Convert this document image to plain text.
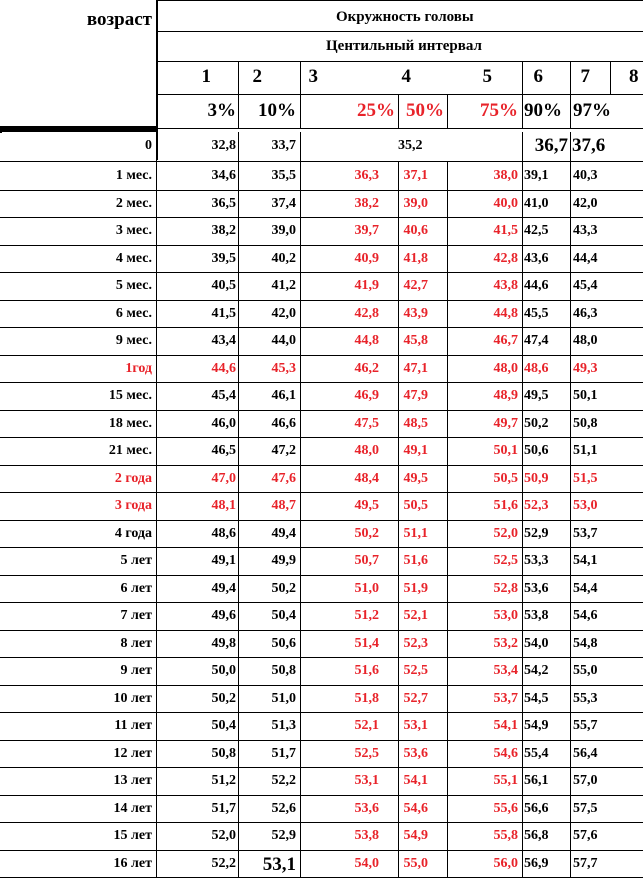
возраст	Окружность головы
Центильный интервал
1 2 3	4	5 6 7 8
3% 10%	25% 50% 75% 90% 97%
0	32,8	33,7	35,2	36,7 37,6
1 мес.	34,6	35,5	36,3 37,1	38,0 39,1 40,3
2 мес.	36,5	37,4	38,2 39,0	40,0 41,0 42,0
3 мес.	38,2	39,0	39,7 40,6	41,5 42,5 43,3
4 мес.	39,5	40,2	40,9 41,8	42,8 43,6 44,4
5 мес.	40,5	41,2	41,9 42,7	43,8 44,6 45,4
6 мес.	41,5	42,0	42,8 43,9	44,8 45,5 46,3
9 мес.	43,4	44,0	44,8 45,8	46,7 47,4 48,0
1год	44,6	45,3	46,2 47,1	48,0 48,6 49,3
15 мес.	45,4	46,1	46,9 47,9	48,9 49,5 50,1
18 мес.	46,0	46,6	47,5 48,5	49,7 50,2 50,8
21 мес.	46,5	47,2	48,0 49,1	50,1 50,6 51,1
2 года	47,0	47,6	48,4 49,5	50,5 50,9 51,5
3 года	48,1	48,7	49,5 50,5	51,6 52,3 53,0
4 года	48,6	49,4	50,2 51,1	52,0 52,9 53,7
5 лет	49,1	49,9	50,7 51,6	52,5 53,3 54,1
6 лет	49,4	50,2	51,0 51,9	52,8 53,6 54,4
7 лет	49,6	50,4	51,2 52,1	53,0 53,8 54,6
8 лет	49,8	50,6	51,4 52,3	53,2 54,0 54,8
9 лет	50,0	50,8	51,6 52,5	53,4 54,2 55,0
10 лет	50,2	51,0	51,8 52,7	53,7 54,5 55,3
11 лет	50,4	51,3	52,1 53,1	54,1 54,9 55,7
12 лет	50,8	51,7	52,5 53,6	54,6 55,4 56,4
13 лет	51,2	52,2	53,1 54,1	55,1 56,1 57,0
14 лет	51,7	52,6	53,6 54,6	55,6 56,6 57,5
15 лет	52,0	52,9	53,8 54,9	55,8 56,8 57,6
16 лет	52,2 53,1	54,0 55,0	56,0 56,9 57,7
